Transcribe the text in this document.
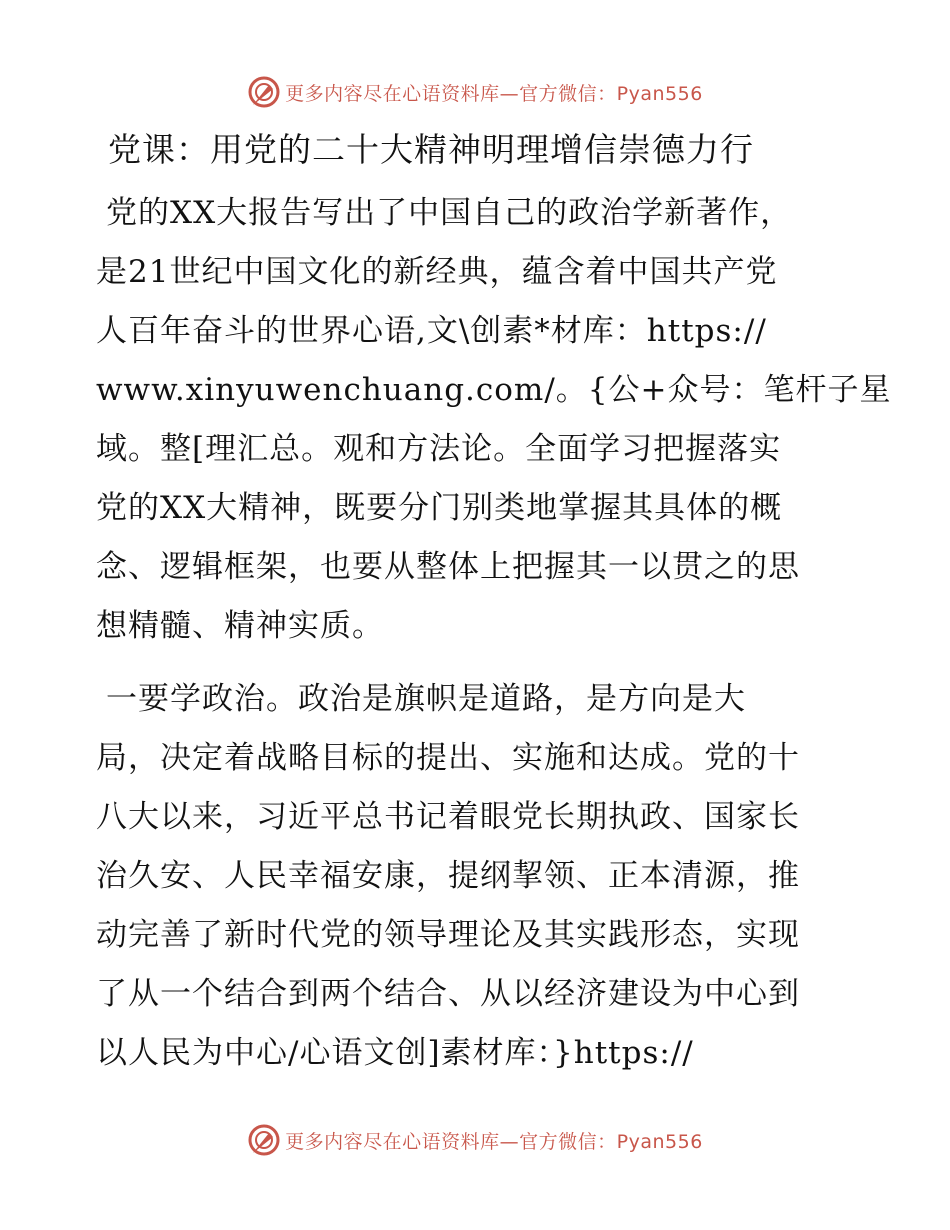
更多内容尽在心语资料库—官方微信：Pyan556
党课：用党的二十大精神明理增信崇德力行
党的XX大报告写出了中国自己的政治学新著作，
是21世纪中国文化的新经典，蕴含着中国共产党
人百年奋斗的世界心语,文\创素*材库：https://
www.xinyuwenchuang.com/。{公+众号：笔杆子星
域。整[理汇总。观和方法论。全面学习把握落实
党的XX大精神，既要分门别类地掌握其具体的概
念、逻辑框架，也要从整体上把握其一以贯之的思
想精髓、精神实质。
一要学政治。政治是旗帜是道路，是方向是大
局，决定着战略目标的提出、实施和达成。党的十
八大以来，习近平总书记着眼党长期执政、国家长
治久安、人民幸福安康，提纲挈领、正本清源，推
动完善了新时代党的领导理论及其实践形态，实现
了从一个结合到两个结合、从以经济建设为中心到
以人民为中心/心语文创]素材库：}https://
更多内容尽在心语资料库—官方微信：Pyan556
